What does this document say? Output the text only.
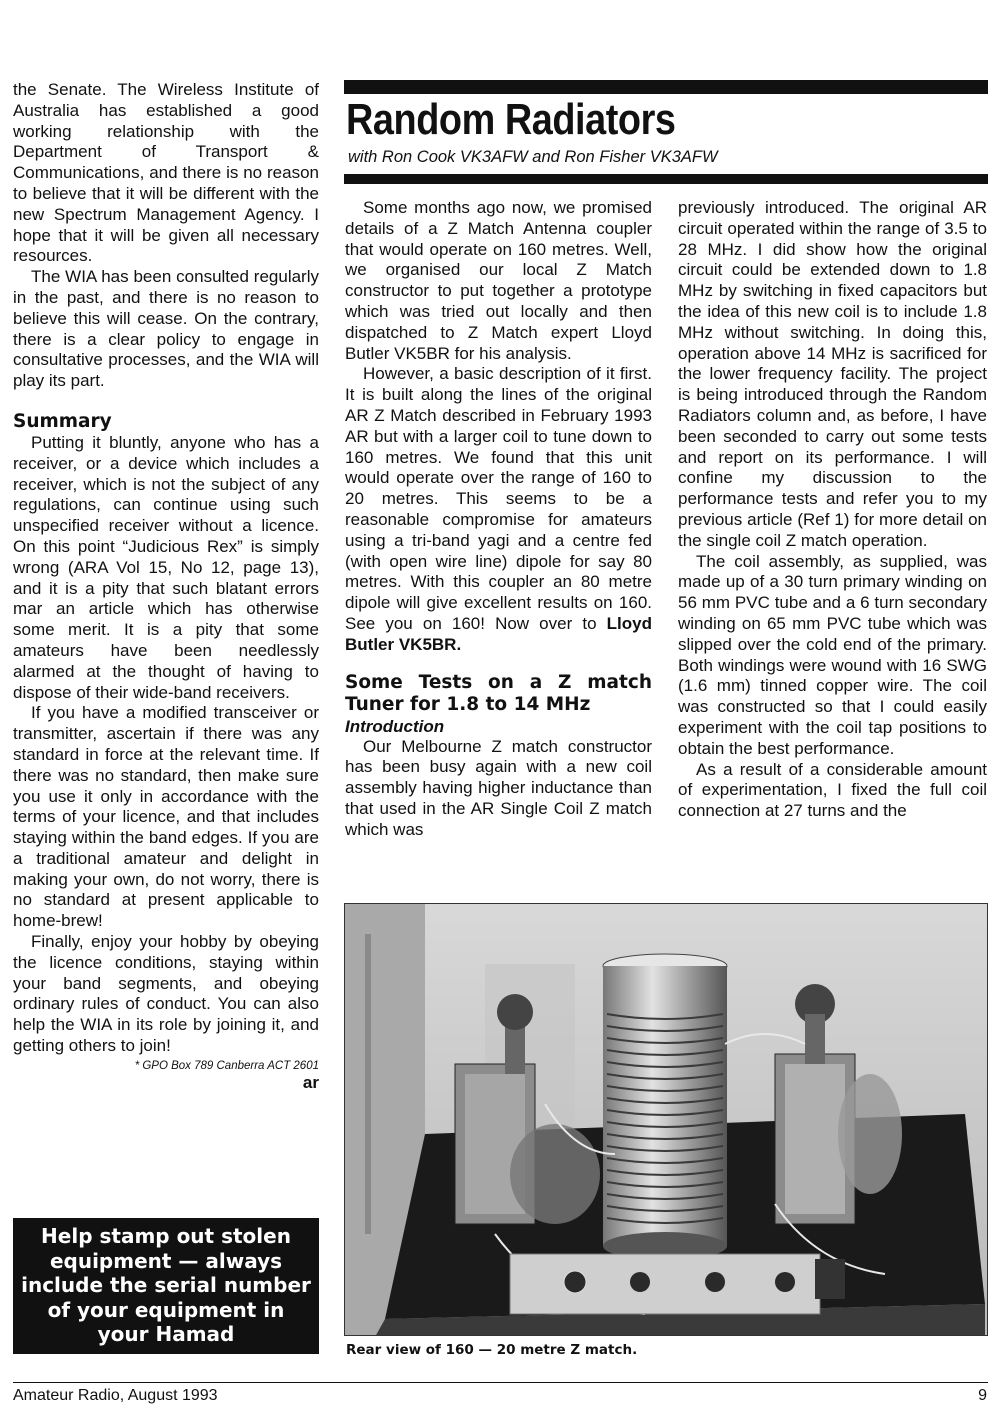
the Senate. The Wireless Institute of Australia has established a good working relationship with the Department of Transport & Communications, and there is no reason to believe that it will be different with the new Spectrum Management Agency. I hope that it will be given all necessary resources.

The WIA has been consulted regularly in the past, and there is no reason to believe this will cease. On the contrary, there is a clear policy to engage in consultative processes, and the WIA will play its part.

Summary

Putting it bluntly, anyone who has a receiver, or a device which includes a receiver, which is not the subject of any regulations, can continue using such unspecified receiver without a licence. On this point “Judicious Rex” is simply wrong (ARA Vol 15, No 12, page 13), and it is a pity that such blatant errors mar an article which has otherwise some merit. It is a pity that some amateurs have been needlessly alarmed at the thought of having to dispose of their wide-band receivers.

If you have a modified transceiver or transmitter, ascertain if there was any standard in force at the relevant time. If there was no standard, then make sure you use it only in accordance with the terms of your licence, and that includes staying within the band edges. If you are a traditional amateur and delight in making your own, do not worry, there is no standard at present applicable to home-brew!

Finally, enjoy your hobby by obeying the licence conditions, staying within your band segments, and obeying ordinary rules of conduct. You can also help the WIA in its role by joining it, and getting others to join!

* GPO Box 789 Canberra ACT 2601
ar
Help stamp out stolen
equipment — always
include the serial number
of your equipment in
your Hamad
Random Radiators
with Ron Cook VK3AFW and Ron Fisher VK3AFW

Some months ago now, we promised details of a Z Match Antenna coupler that would operate on 160 metres. Well, we organised our local Z Match constructor to put together a prototype which was tried out locally and then dispatched to Z Match expert Lloyd Butler VK5BR for his analysis.

However, a basic description of it first. It is built along the lines of the original AR Z Match described in February 1993 AR but with a larger coil to tune down to 160 metres. We found that this unit would operate over the range of 160 to 20 metres. This seems to be a reasonable compromise for amateurs using a tri-band yagi and a centre fed (with open wire line) dipole for say 80 metres. With this coupler an 80 metre dipole will give excellent results on 160. See you on 160! Now over to Lloyd Butler VK5BR.

Some Tests on a Z match Tuner for 1.8 to 14 MHz
Introduction

Our Melbourne Z match constructor has been busy again with a new coil assembly having higher inductance than that used in the AR Single Coil Z match which was

previously introduced. The original AR circuit operated within the range of 3.5 to 28 MHz. I did show how the original circuit could be extended down to 1.8 MHz by switching in fixed capacitors but the idea of this new coil is to include 1.8 MHz without switching. In doing this, operation above 14 MHz is sacrificed for the lower frequency facility. The project is being introduced through the Random Radiators column and, as before, I have been seconded to carry out some tests and report on its performance. I will confine my discussion to the performance tests and refer you to my previous article (Ref 1) for more detail on the single coil Z match operation.

The coil assembly, as supplied, was made up of a 30 turn primary winding on 56 mm PVC tube and a 6 turn secondary winding on 65 mm PVC tube which was slipped over the cold end of the primary. Both windings were wound with 16 SWG (1.6 mm) tinned copper wire. The coil was constructed so that I could easily experiment with the coil tap positions to obtain the best performance.

As a result of a considerable amount of experimentation, I fixed the full coil connection at 27 turns and the

Rear view of 160 — 20 metre Z match.
Amateur Radio, August 1993	9
